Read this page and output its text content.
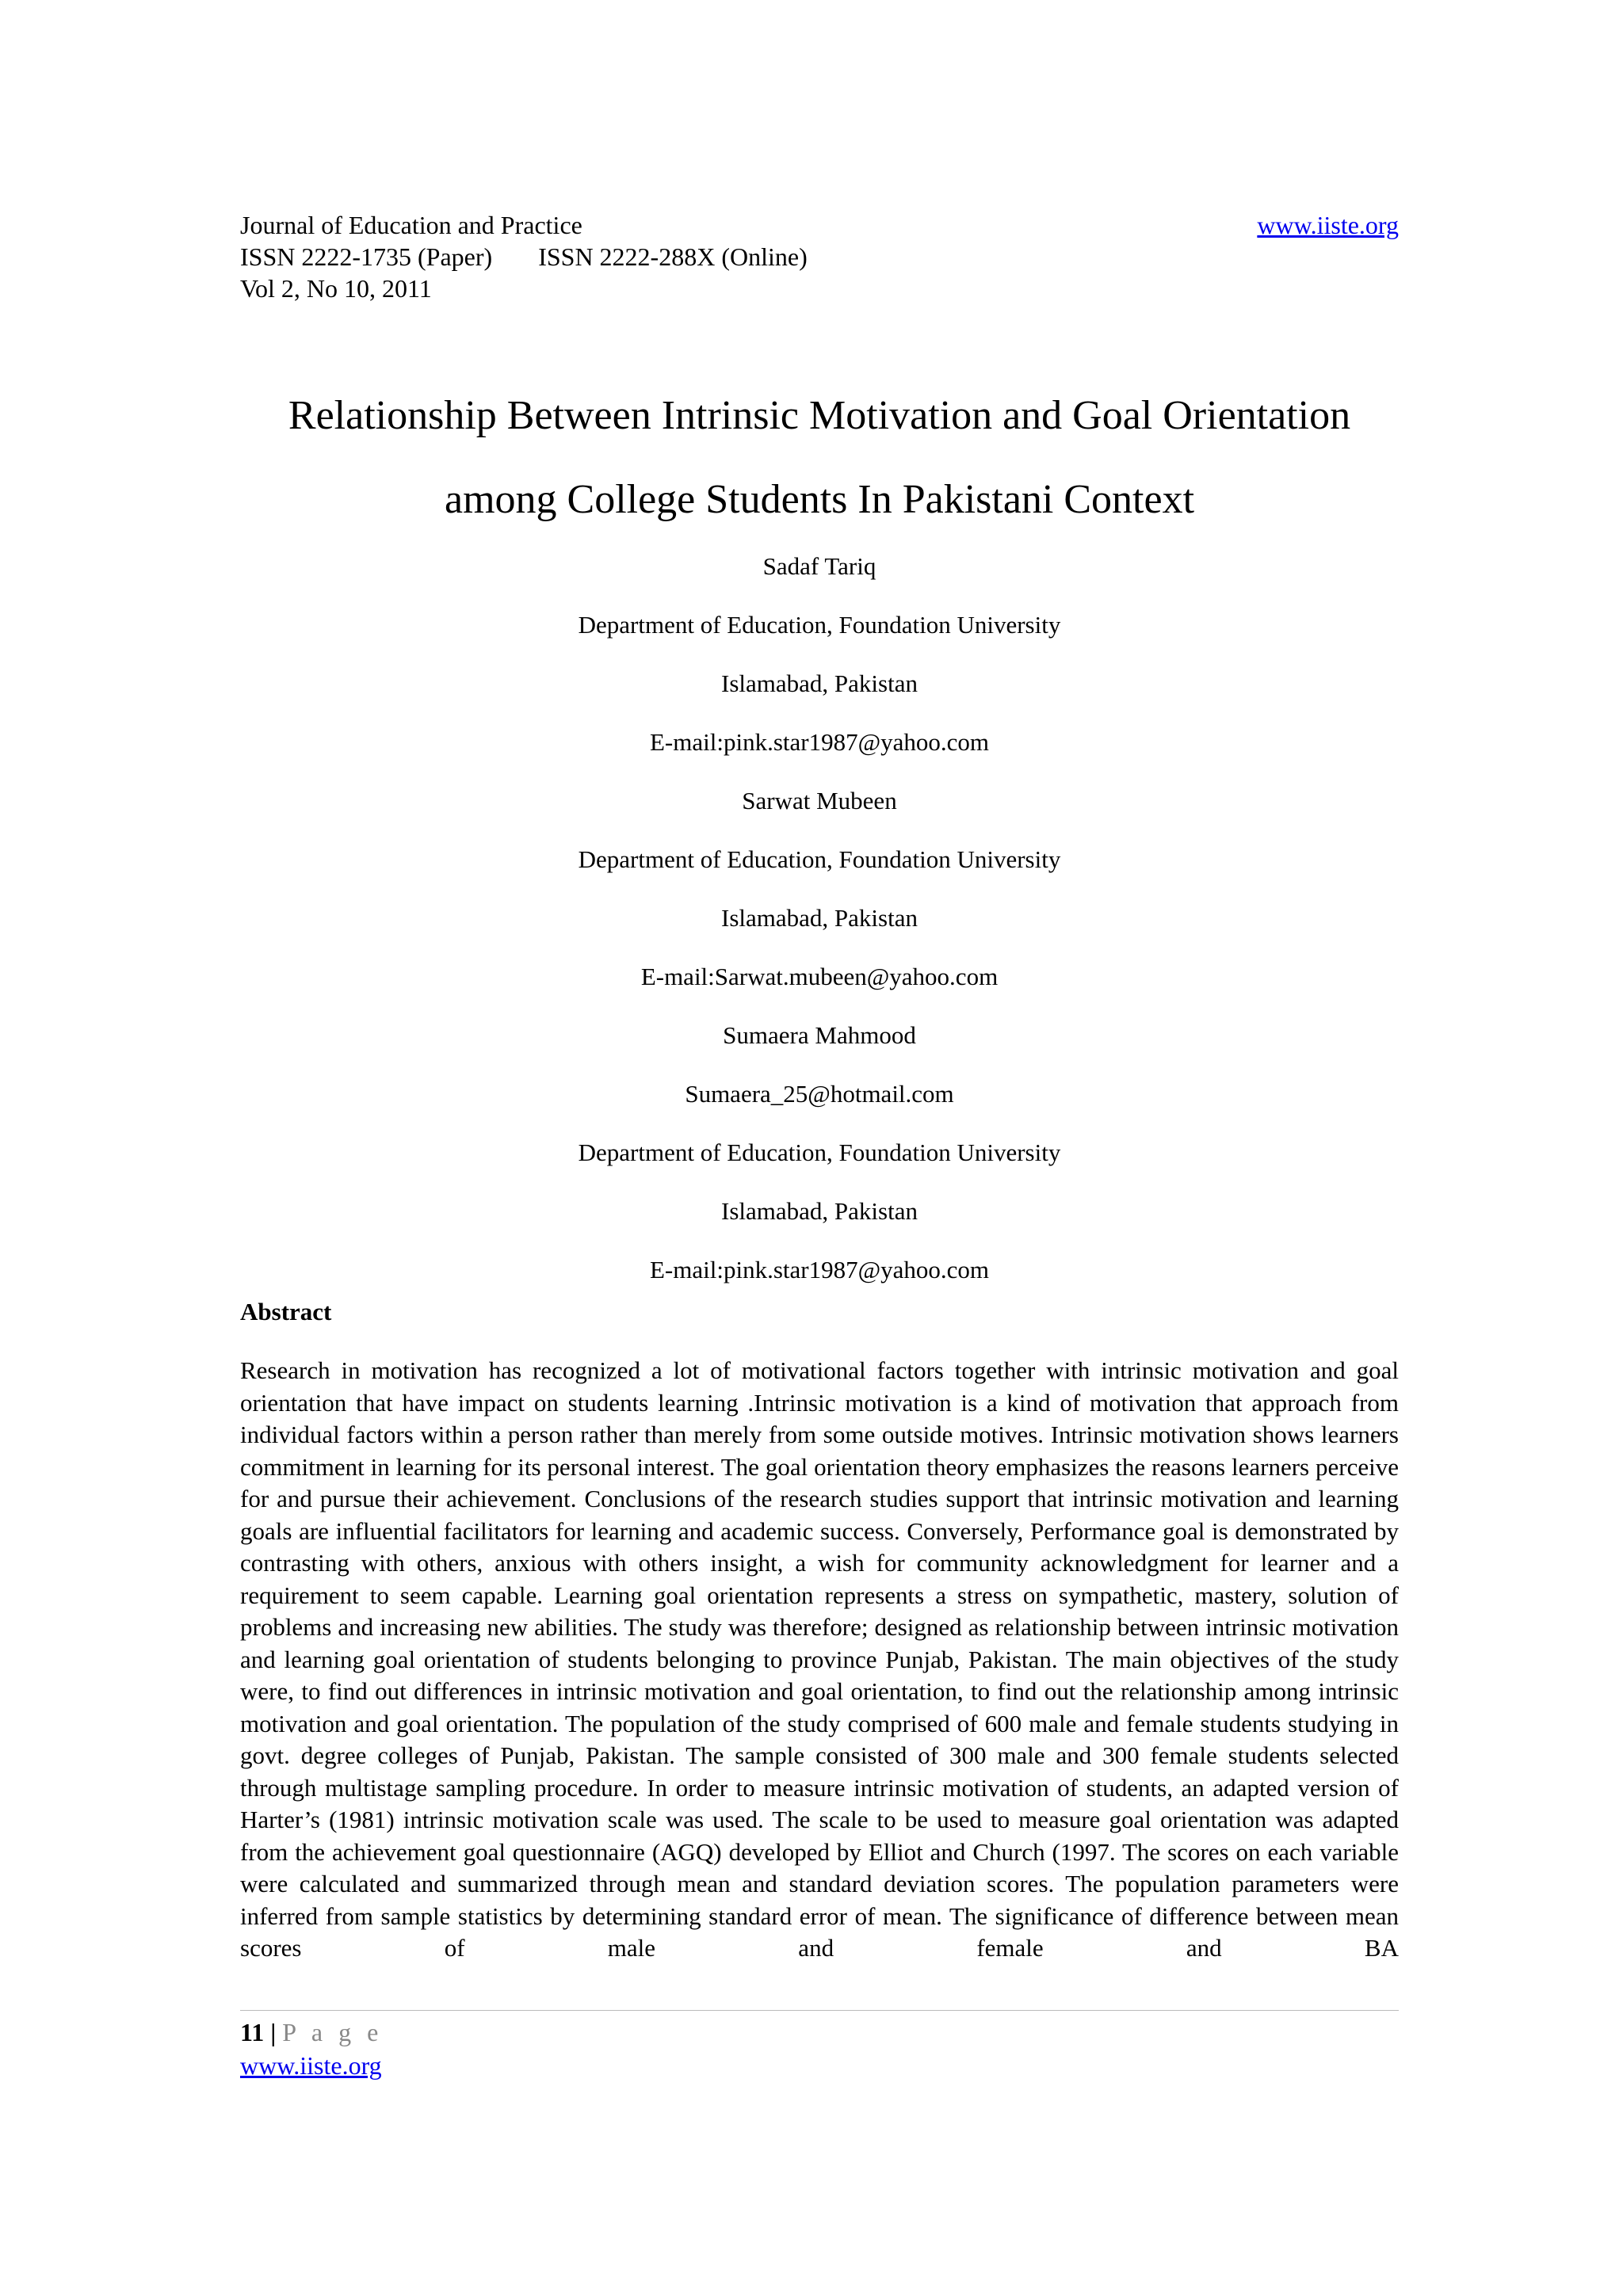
Journal of Education and Practice	www.iiste.org
ISSN 2222-1735 (Paper) ISSN 2222-288X (Online)
Vol 2, No 10, 2011
Relationship Between Intrinsic Motivation and Goal Orientation
among College Students In Pakistani Context
Sadaf Tariq
Department of Education, Foundation University
Islamabad, Pakistan
E-mail:pink.star1987@yahoo.com
Sarwat Mubeen
Department of Education, Foundation University
Islamabad, Pakistan
E-mail:Sarwat.mubeen@yahoo.com
Sumaera Mahmood
Sumaera_25@hotmail.com
Department of Education, Foundation University
Islamabad, Pakistan
E-mail:pink.star1987@yahoo.com
Abstract
Research in motivation has recognized a lot of motivational factors together with intrinsic motivation and goal orientation that have impact on students learning .Intrinsic motivation is a kind of motivation that approach from individual factors within a person rather than merely from some outside motives. Intrinsic motivation shows learners commitment in learning for its personal interest. The goal orientation theory emphasizes the reasons learners perceive for and pursue their achievement. Conclusions of the research studies support that intrinsic motivation and learning goals are influential facilitators for learning and academic success. Conversely, Performance goal is demonstrated by contrasting with others, anxious with others insight, a wish for community acknowledgment for learner and a requirement to seem capable. Learning goal orientation represents a stress on sympathetic, mastery, solution of problems and increasing new abilities. The study was therefore; designed as relationship between intrinsic motivation and learning goal orientation of students belonging to province Punjab, Pakistan. The main objectives of the study were, to find out differences in intrinsic motivation and goal orientation, to find out the relationship among intrinsic motivation and goal orientation. The population of the study comprised of 600 male and female students studying in govt. degree colleges of Punjab, Pakistan. The sample consisted of 300 male and 300 female students selected through multistage sampling procedure. In order to measure intrinsic motivation of students, an adapted version of Harter’s (1981) intrinsic motivation scale was used. The scale to be used to measure goal orientation was adapted from the achievement goal questionnaire (AGQ) developed by Elliot and Church (1997. The scores on each variable were calculated and summarized through mean and standard deviation scores. The population parameters were inferred from sample statistics by determining standard error of mean. The significance of difference between mean scores of male and female and BA
11 | P a g e
www.iiste.org
